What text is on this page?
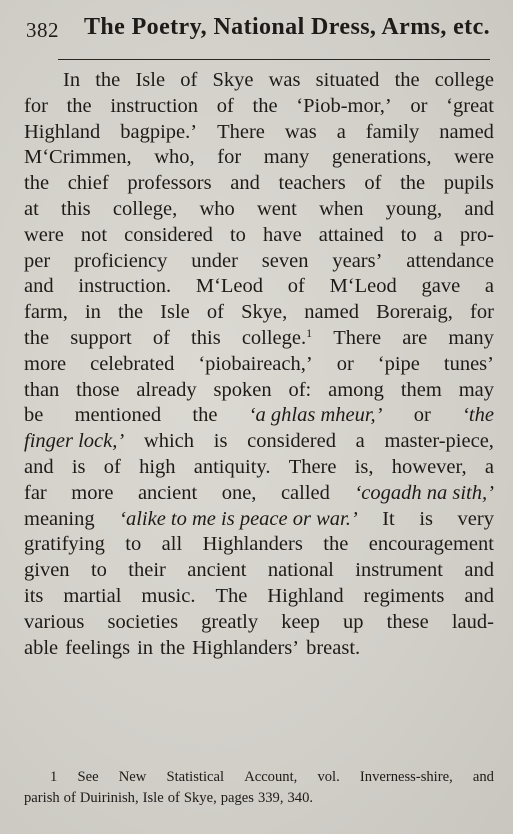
382 The Poetry, National Dress, Arms, etc.
In the Isle of Skye was situated the college
for the instruction of the ‘Piob-mor,’ or ‘great
Highland bagpipe.’ There was a family named
M‘Crimmen, who, for many generations, were
the chief professors and teachers of the pupils
at this college, who went when young, and
were not considered to have attained to a pro-
per proficiency under seven years’ attendance
and instruction. M‘Leod of M‘Leod gave a
farm, in the Isle of Skye, named Boreraig, for
the support of this college.$^1$ There are many
more celebrated ‘piobaireach,’ or ‘pipe tunes’
than those already spoken of: among them may
be mentioned the ‘a ghlas mheur,’ or ‘the
finger lock,’ which is considered a master-piece,
and is of high antiquity. There is, however, a
far more ancient one, called ‘cogadh na sith,’
meaning ‘alike to me is peace or war.’ It is very
gratifying to all Highlanders the encouragement
given to their ancient national instrument and
its martial music. The Highland regiments and
various societies greatly keep up these laud-
able feelings in the Highlanders’ breast.
1 See New Statistical Account, vol. Inverness-shire, and
parish of Duirinish, Isle of Skye, pages 339, 340.
